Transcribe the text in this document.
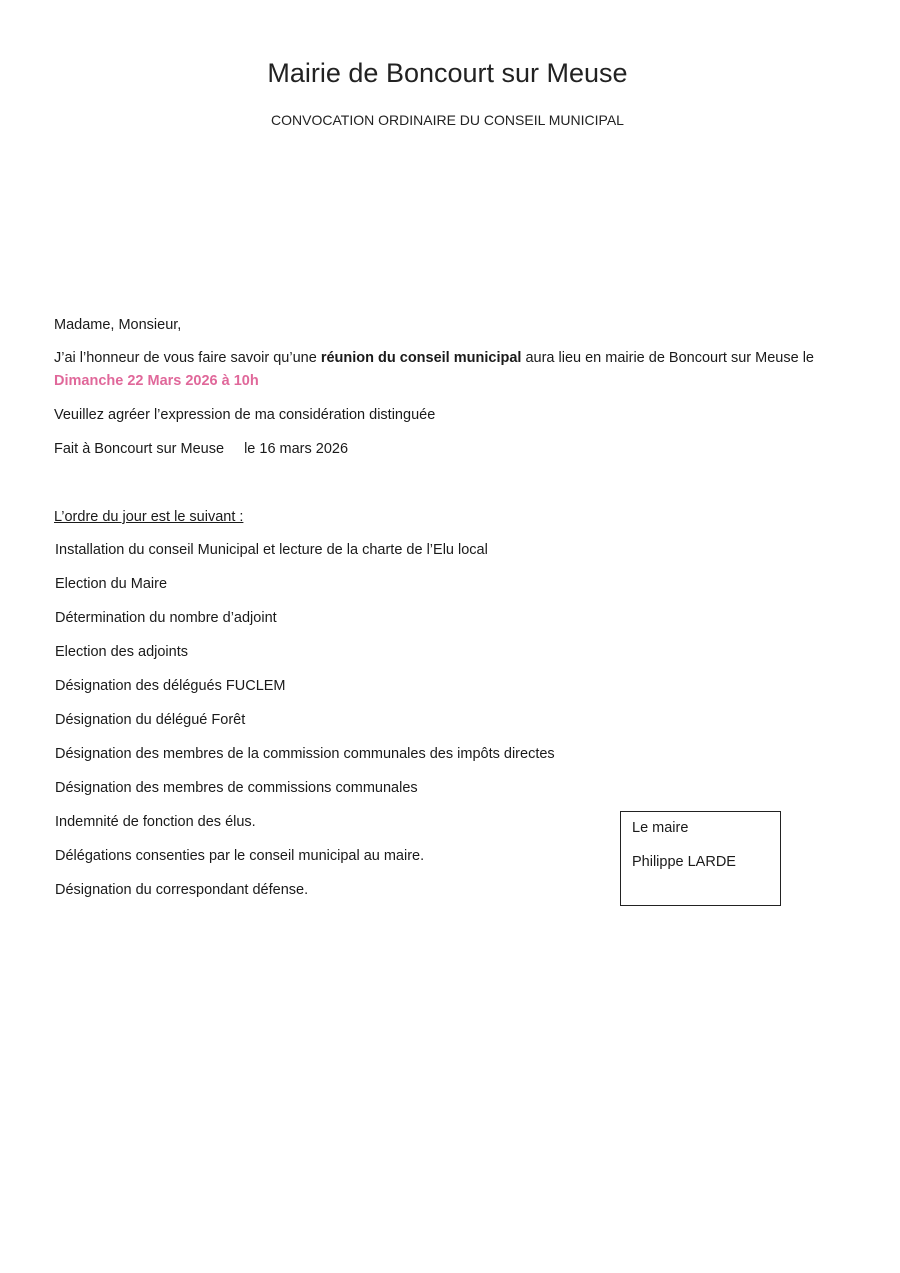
Mairie de Boncourt sur Meuse
CONVOCATION ORDINAIRE DU CONSEIL MUNICIPAL
Madame, Monsieur,
J’ai l’honneur de vous faire savoir qu’une réunion du conseil municipal aura lieu en mairie de Boncourt sur Meuse le
Dimanche 22 Mars 2026 à 10h
Veuillez agréer l’expression de ma considération distinguée
Fait à Boncourt sur Meuse le 16 mars 2026
L’ordre du jour est le suivant :
Installation du conseil Municipal et lecture de la charte de l’Elu local
Election du Maire
Détermination du nombre d’adjoint
Election des adjoints
Désignation des délégués FUCLEM
Désignation du délégué Forêt
Désignation des membres de la commission communales des impôts directes
Désignation des membres de commissions communales
Indemnité de fonction des élus.
Délégations consenties par le conseil municipal au maire.
Désignation du correspondant défense.
Le maire
Philippe LARDE
